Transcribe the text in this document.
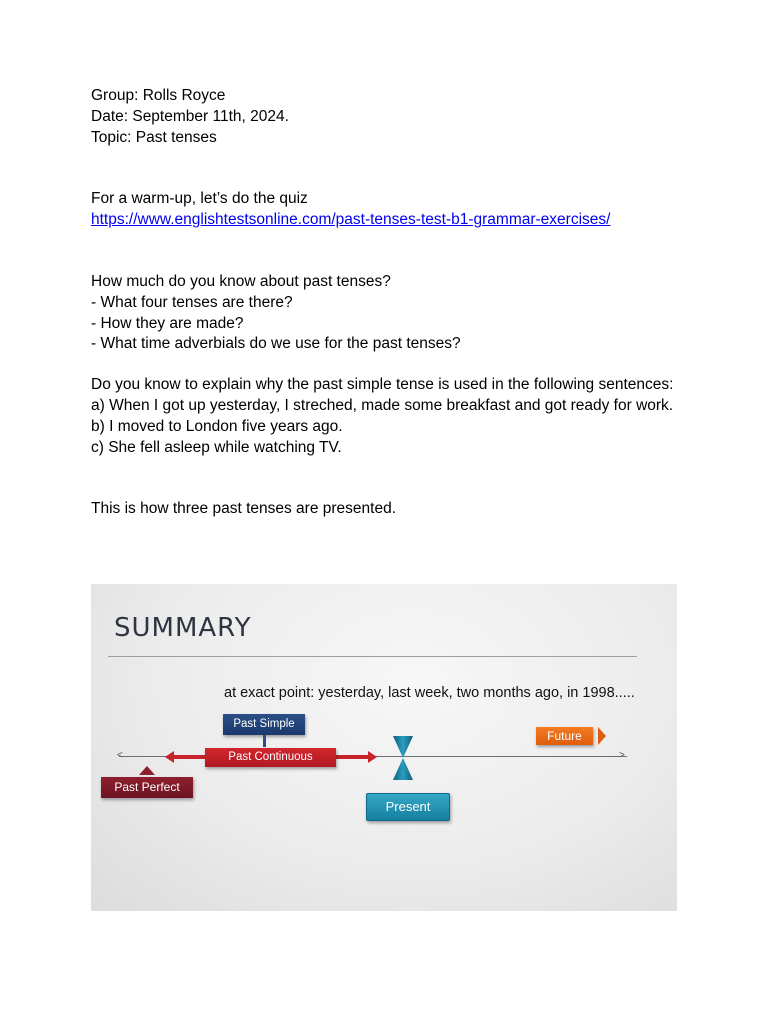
Group: Rolls Royce
Date: September 11th, 2024.
Topic: Past tenses
For a warm-up, let’s do the quiz
https://www.englishtestsonline.com/past-tenses-test-b1-grammar-exercises/
How much do you know about past tenses?
- What four tenses are there?
- How they are made?
- What time adverbials do we use for the past tenses?
Do you know to explain why the past simple tense is used in the following sentences:
a) When I got up yesterday, I streched, made some breakfast and got ready for work.
b) I moved to London five years ago.
c) She fell asleep while watching TV.
This is how three past tenses are presented.
SUMMARY
at exact point: yesterday, last week, two months ago, in 1998.....
<	>
Past Simple
Past Continuous
Past Perfect
Present
Future
